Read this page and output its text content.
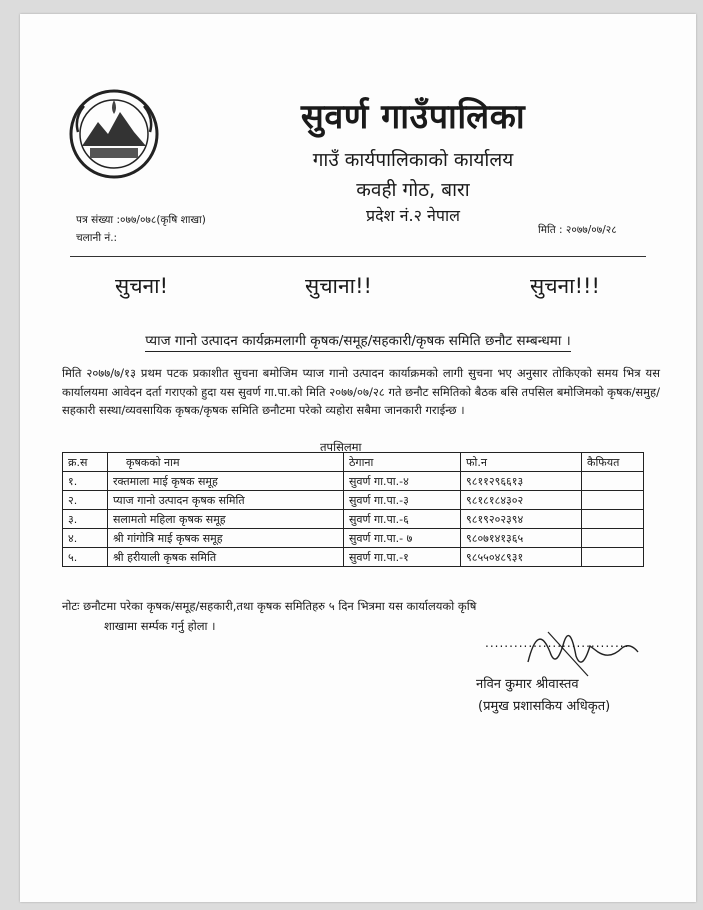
सुवर्ण गाउँपालिका
गाउँ कार्यपालिकाको कार्यालय
कवही गोठ, बारा
प्रदेश नं.२ नेपाल
पत्र संख्या :०७७/०७८(कृषि शाखा)
चलानी नं.:
मिति : २०७७/०७/२८
सुचना!	सुचाना!!	सुचना!!!
प्याज गानो उत्पादन कार्यक्रमलागी कृषक/समूह/सहकारी/कृषक समिति छनौट सम्बन्धमा ।
मिति २०७७/७/१३ प्रथम पटक प्रकाशीत सुचना बमोजिम प्याज गानो उत्पादन कार्याक्रमको लागी सुचना भए अनुसार तोकिएको समय भित्र यस कार्यालयमा आवेदन दर्ता गराएको हुदा यस सुवर्ण गा.पा.को मिति २०७७/०७/२८ गते छनौट समितिको बैठक बसि तपसिल बमोजिमको कृषक/समुह/सहकारी सस्था/व्यवसायिक कृषक/कृषक समिति छनौटमा परेको व्यहोरा सबैमा जानकारी गराईन्छ ।
तपसिलमा
क्र.स	कृषकको नाम	ठेगाना	फो.न	कैफियत
१.	रक्तमाला माई कृषक समूह	सुवर्ण गा.पा.-४	९८११२९६६१३	
२.	प्याज गानो उत्पादन कृषक समिति	सुवर्ण गा.पा.-३	९८१८१८४३०२	
३.	सलामतो महिला कृषक समूह	सुवर्ण गा.पा.-६	९८१९२०२३९४	
४.	श्री गांगोत्रि माई कृषक समूह	सुवर्ण गा.पा.- ७	९८०७१४१३६५	
५.	श्री हरीयाली कृषक समिति	सुवर्ण गा.पा.-१	९८५५०४८९३१	
नोटः छनौटमा परेका कृषक/समूह/सहकारी,तथा कृषक समितिहरु ५ दिन भित्रमा यस कार्यालयको कृषि
शाखामा सर्म्पक गर्नु होला ।
..............................
नविन कुमार श्रीवास्तव
(प्रमुख प्रशासकिय अधिकृत)
